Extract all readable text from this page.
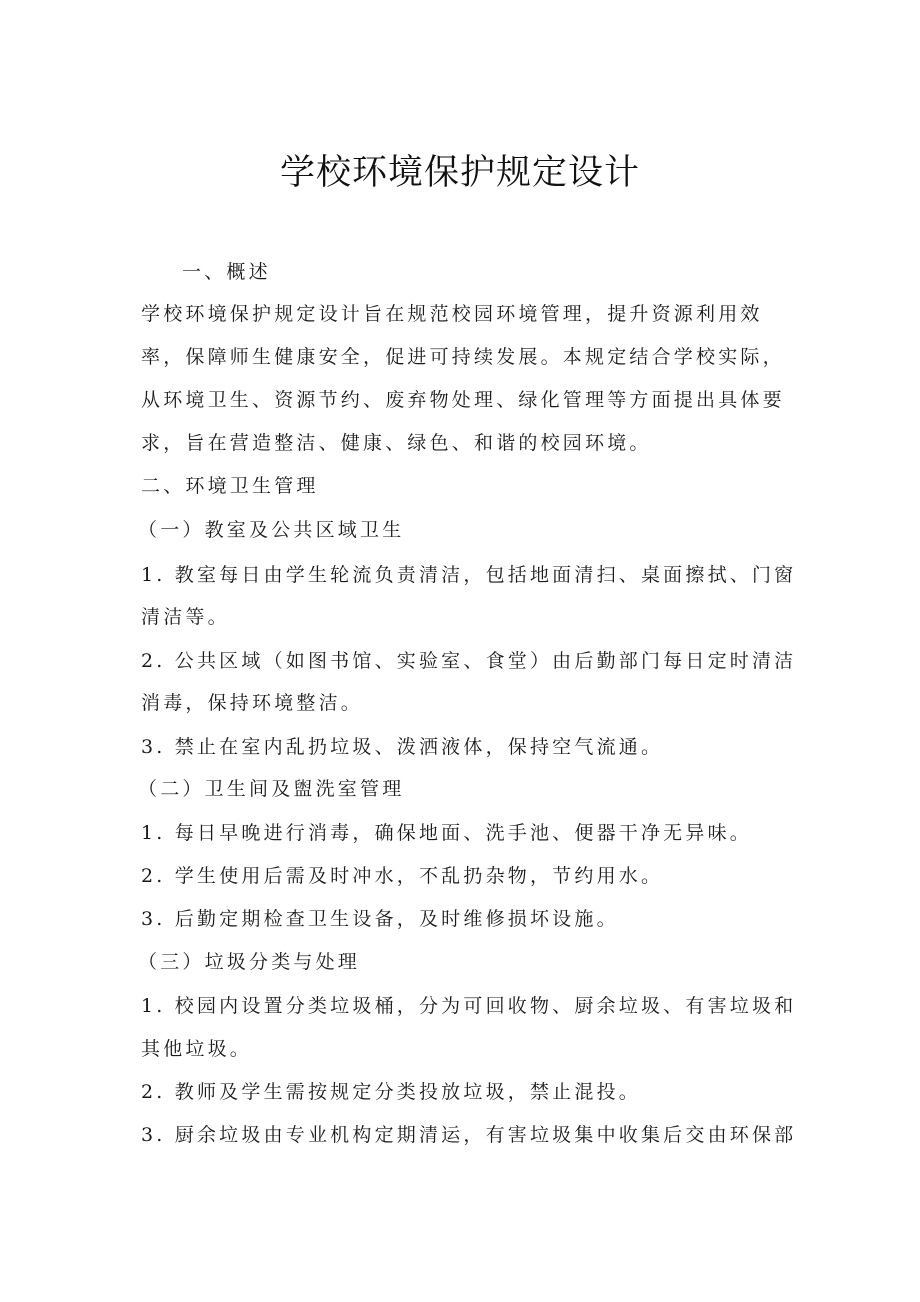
学校环境保护规定设计
一、概述
学校环境保护规定设计旨在规范校园环境管理，提升资源利用效
率，保障师生健康安全，促进可持续发展。本规定结合学校实际，
从环境卫生、资源节约、废弃物处理、绿化管理等方面提出具体要
求，旨在营造整洁、健康、绿色、和谐的校园环境。
二、环境卫生管理
（一）教室及公共区域卫生
1. 教室每日由学生轮流负责清洁，包括地面清扫、桌面擦拭、门窗
清洁等。
2. 公共区域（如图书馆、实验室、食堂）由后勤部门每日定时清洁
消毒，保持环境整洁。
3. 禁止在室内乱扔垃圾、泼洒液体，保持空气流通。
（二）卫生间及盥洗室管理
1. 每日早晚进行消毒，确保地面、洗手池、便器干净无异味。
2. 学生使用后需及时冲水，不乱扔杂物，节约用水。
3. 后勤定期检查卫生设备，及时维修损坏设施。
（三）垃圾分类与处理
1. 校园内设置分类垃圾桶，分为可回收物、厨余垃圾、有害垃圾和
其他垃圾。
2. 教师及学生需按规定分类投放垃圾，禁止混投。
3. 厨余垃圾由专业机构定期清运，有害垃圾集中收集后交由环保部
